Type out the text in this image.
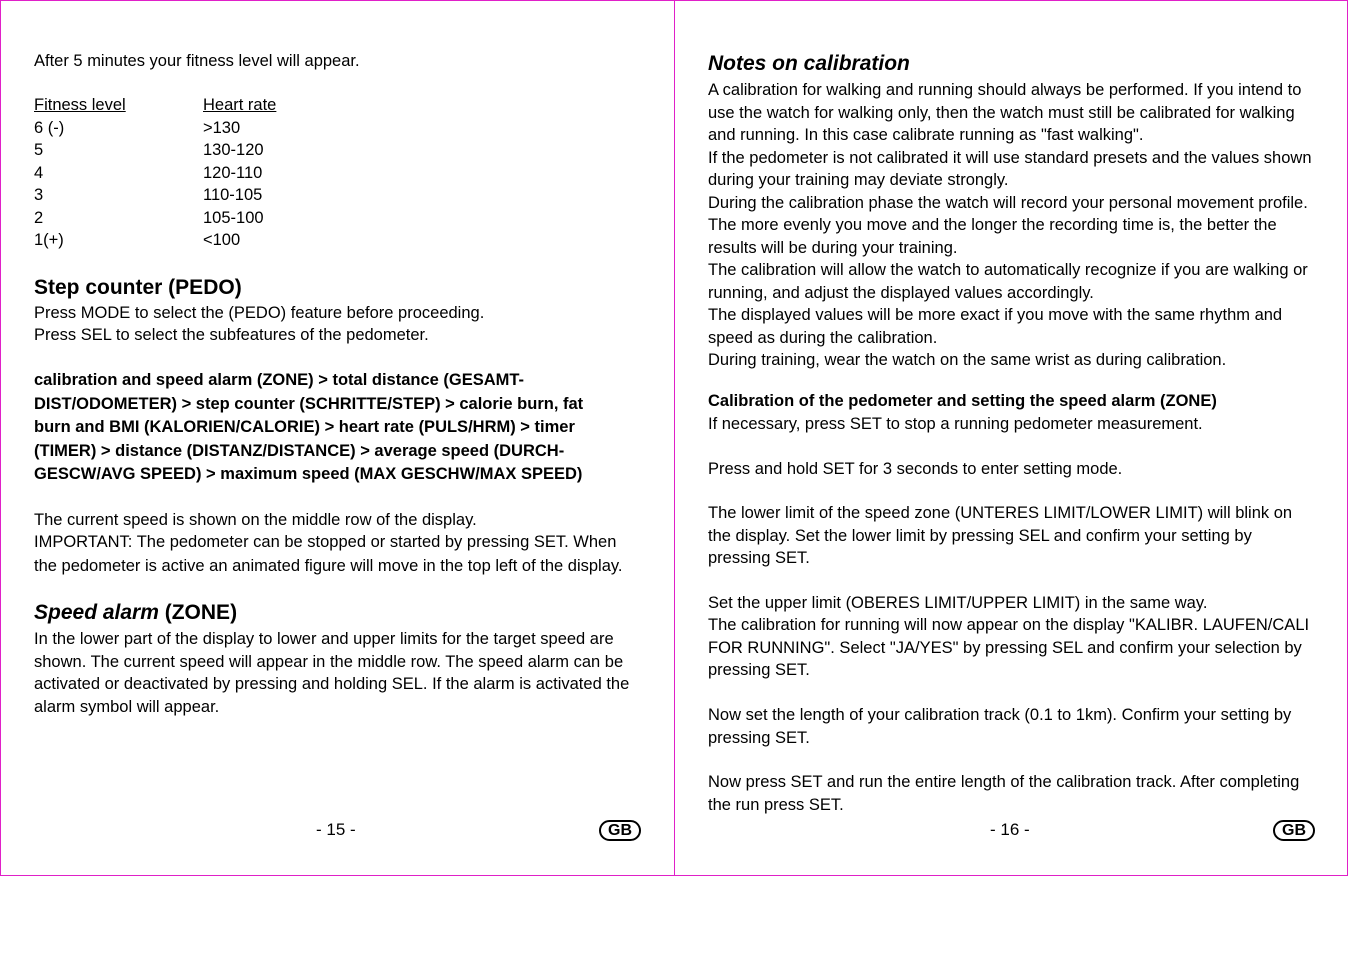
After 5 minutes your fitness level will appear.

Fitness level	Heart rate
6 (-)	>130
5	130-120
4	120-110
3	110-105
2	105-100
1(+)	<100
Step counter (PEDO)

Press MODE to select the (PEDO) feature before proceeding.

Press SEL to select the subfeatures of the pedometer.

calibration and speed alarm (ZONE) > total distance (GESAMT-DIST/ODOMETER) > step counter (SCHRITTE/STEP) > calorie burn, fat burn and BMI (KALORIEN/CALORIE) > heart rate (PULS/HRM) > timer (TIMER) > distance (DISTANZ/DISTANCE) > average speed (DURCH-GESCW/AVG SPEED) > maximum speed (MAX GESCHW/MAX SPEED)

The current speed is shown on the middle row of the display.

IMPORTANT: The pedometer can be stopped or started by pressing SET. When the pedometer is active an animated figure will move in the top left of the display.

Speed alarm (ZONE)

In the lower part of the display to lower and upper limits for the target speed are shown. The current speed will appear in the middle row. The speed alarm can be activated or deactivated by pressing and holding SEL. If the alarm is activated the alarm symbol will appear.

- 15 -	GB
Notes on calibration

A calibration for walking and running should always be performed. If you intend to use the watch for walking only, then the watch must still be calibrated for walking and running. In this case calibrate running as "fast walking".

If the pedometer is not calibrated it will use standard presets and the values shown during your training may deviate strongly.

During the calibration phase the watch will record your personal movement profile. The more evenly you move and the longer the recording time is, the better the results will be during your training.

The calibration will allow the watch to automatically recognize if you are walking or running, and adjust the displayed values accordingly.

The displayed values will be more exact if you move with the same rhythm and speed as during the calibration.

During training, wear the watch on the same wrist as during calibration.

Calibration of the pedometer and setting the speed alarm (ZONE)

If necessary, press SET to stop a running pedometer measurement.

Press and hold SET for 3 seconds to enter setting mode.

The lower limit of the speed zone (UNTERES LIMIT/LOWER LIMIT) will blink on the display. Set the lower limit by pressing SEL and confirm your setting by pressing SET.

Set the upper limit (OBERES LIMIT/UPPER LIMIT) in the same way.

The calibration for running will now appear on the display "KALIBR. LAUFEN/CALI FOR RUNNING". Select "JA/YES" by pressing SEL and confirm your selection by pressing SET.

Now set the length of your calibration track (0.1 to 1km). Confirm your setting by pressing SET.

Now press SET and run the entire length of the calibration track. After completing the run press SET.

- 16 -	GB
